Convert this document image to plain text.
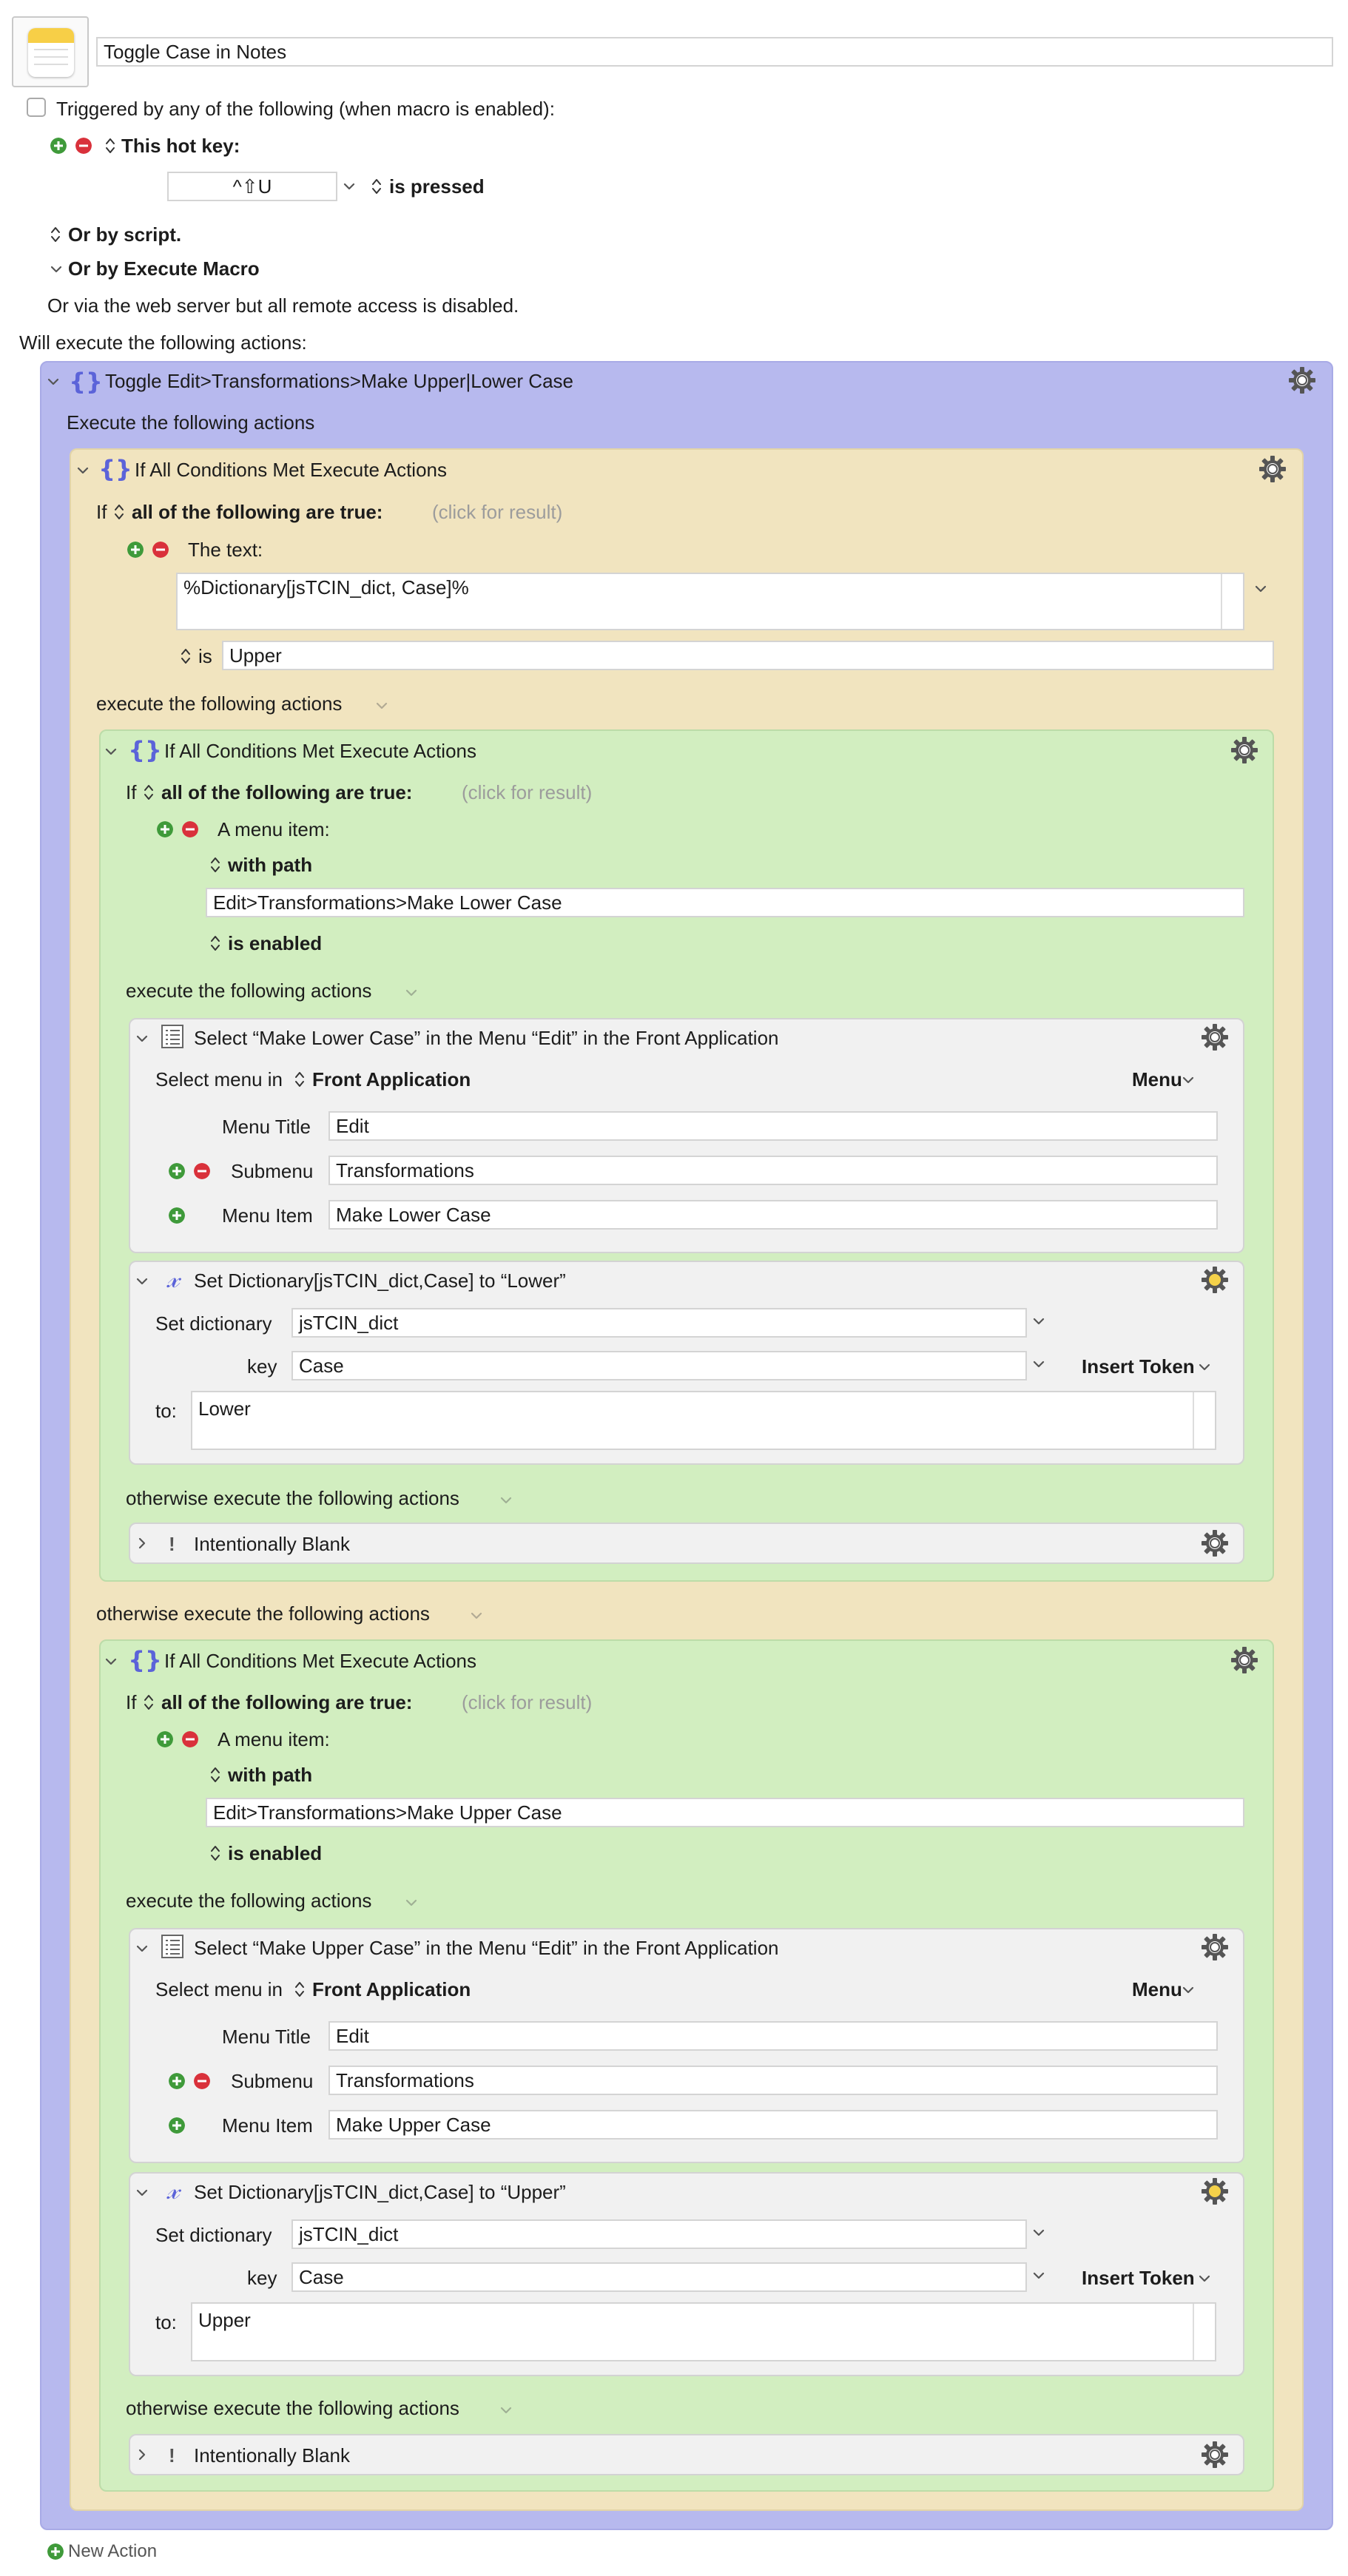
Toggle Case in Notes
Triggered by any of the following (when macro is enabled):
This hot key:
^⇧U	is pressed
Or by script.
Or by Execute Macro
Or via the web server but all remote access is disabled.
Will execute the following actions:
Toggle Edit>Transformations>Make Upper|Lower Case
Execute the following actions
If All Conditions Met Execute Actions
If all of the following are true:	(click for result)
The text:
%Dictionary[jsTCIN_dict, Case]%
is Upper
execute the following actions
If All Conditions Met Execute Actions
If all of the following are true:	(click for result)
A menu item:
with path
Edit>Transformations>Make Lower Case
is enabled
execute the following actions
Select “Make Lower Case” in the Menu “Edit” in the Front Application
Select menu in Front Application	Menu
Menu Title	Edit
Submenu	Transformations
Menu Item	Make Lower Case
Set Dictionary[jsTCIN_dict,Case] to “Lower”
Set dictionary	jsTCIN_dict
key	Case	Insert Token
to:	Lower
otherwise execute the following actions
! Intentionally Blank
otherwise execute the following actions
If All Conditions Met Execute Actions
If all of the following are true:	(click for result)
A menu item:
with path
Edit>Transformations>Make Upper Case
is enabled
execute the following actions
Select “Make Upper Case” in the Menu “Edit” in the Front Application
Select menu in Front Application	Menu
Menu Title	Edit
Submenu	Transformations
Menu Item	Make Upper Case
Set Dictionary[jsTCIN_dict,Case] to “Upper”
Set dictionary	jsTCIN_dict
key	Case	Insert Token
to:	Upper
otherwise execute the following actions
! Intentionally Blank
New Action
